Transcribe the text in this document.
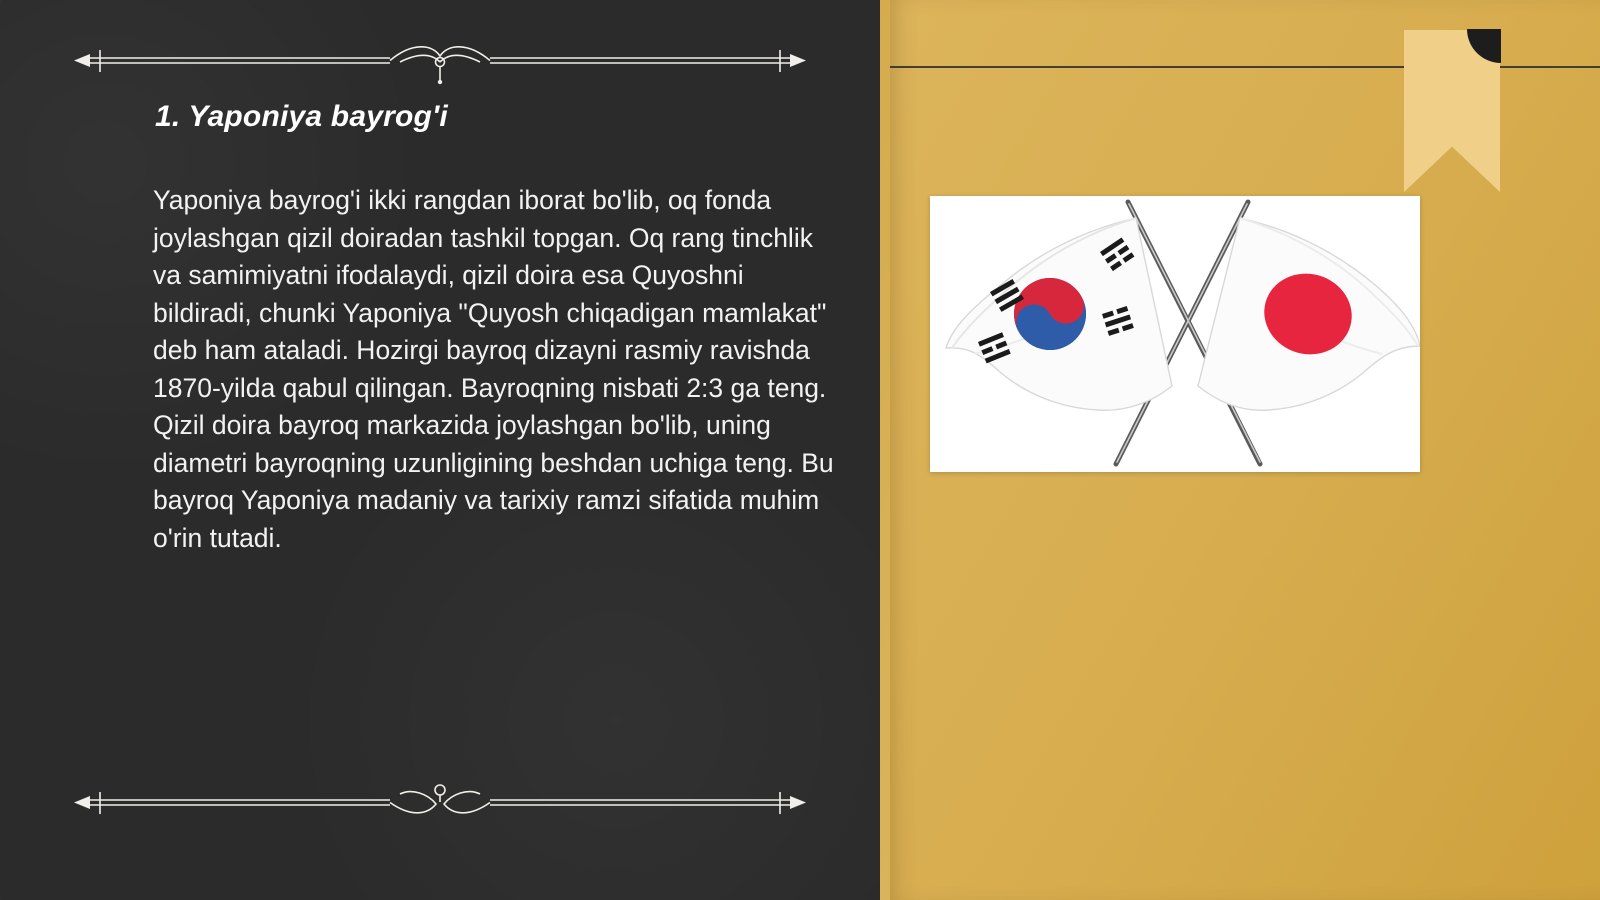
1. Yaponiya bayrog'i
Yaponiya bayrog'i ikki rangdan iborat bo'lib, oq fonda joylashgan qizil doiradan tashkil topgan. Oq rang tinchlik va samimiyatni ifodalaydi, qizil doira esa Quyoshni bildiradi, chunki Yaponiya "Quyosh chiqadigan mamlakat" deb ham ataladi. Hozirgi bayroq dizayni rasmiy ravishda 1870-yilda qabul qilingan. Bayroqning nisbati 2:3 ga teng. Qizil doira bayroq markazida joylashgan bo'lib, uning diametri bayroqning uzunligining beshdan uchiga teng. Bu bayroq Yaponiya madaniy va tarixiy ramzi sifatida muhim o'rin tutadi.
